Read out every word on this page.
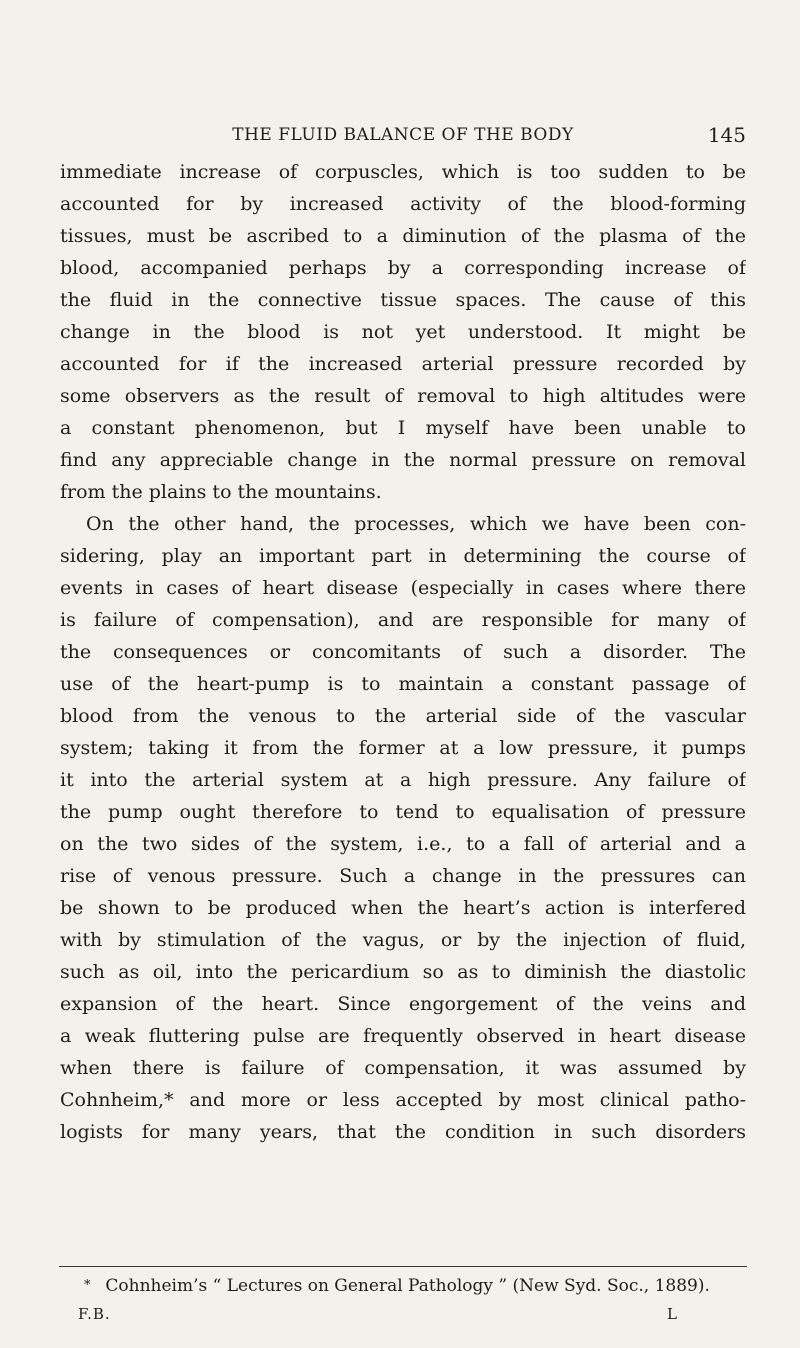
THE FLUID BALANCE OF THE BODY	145
immediate increase of corpuscles, which is too sudden to be
accounted for by increased activity of the blood-forming
tissues, must be ascribed to a diminution of the plasma of the
blood, accompanied perhaps by a corresponding increase of
the fluid in the connective tissue spaces. The cause of this
change in the blood is not yet understood. It might be
accounted for if the increased arterial pressure recorded by
some observers as the result of removal to high altitudes were
a constant phenomenon, but I myself have been unable to
find any appreciable change in the normal pressure on removal
from the plains to the mountains.
On the other hand, the processes, which we have been con-
sidering, play an important part in determining the course of
events in cases of heart disease (especially in cases where there
is failure of compensation), and are responsible for many of
the consequences or concomitants of such a disorder. The
use of the heart-pump is to maintain a constant passage of
blood from the venous to the arterial side of the vascular
system; taking it from the former at a low pressure, it pumps
it into the arterial system at a high pressure. Any failure of
the pump ought therefore to tend to equalisation of pressure
on the two sides of the system, i.e., to a fall of arterial and a
rise of venous pressure. Such a change in the pressures can
be shown to be produced when the heart’s action is interfered
with by stimulation of the vagus, or by the injection of fluid,
such as oil, into the pericardium so as to diminish the diastolic
expansion of the heart. Since engorgement of the veins and
a weak fluttering pulse are frequently observed in heart disease
when there is failure of compensation, it was assumed by
Cohnheim,* and more or less accepted by most clinical patho-
logists for many years, that the condition in such disorders
* Cohnheim’s “ Lectures on General Pathology ” (New Syd. Soc., 1889).
F.B.	L
